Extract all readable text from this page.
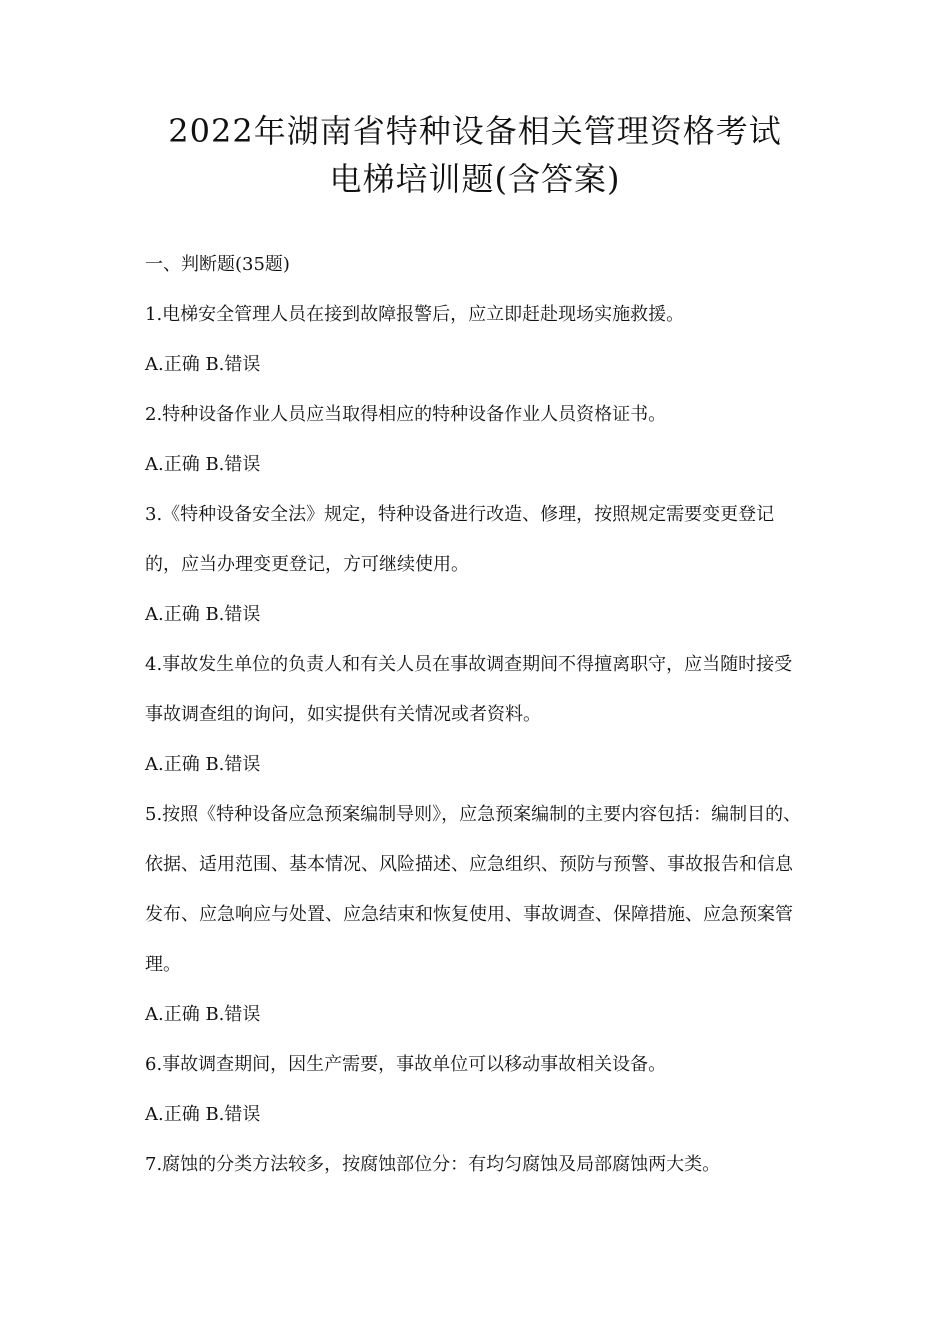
2022年湖南省特种设备相关管理资格考试
电梯培训题(含答案)

一、判断题(35题)

1.电梯安全管理人员在接到故障报警后，应立即赶赴现场实施救援。

A.正确 B.错误

2.特种设备作业人员应当取得相应的特种设备作业人员资格证书。

A.正确 B.错误

3.《特种设备安全法》规定，特种设备进行改造、修理，按照规定需要变更登记的，应当办理变更登记，方可继续使用。

A.正确 B.错误

4.事故发生单位的负责人和有关人员在事故调查期间不得擅离职守，应当随时接受事故调查组的询问，如实提供有关情况或者资料。

A.正确 B.错误

5.按照《特种设备应急预案编制导则》，应急预案编制的主要内容包括：编制目的、依据、适用范围、基本情况、风险描述、应急组织、预防与预警、事故报告和信息发布、应急响应与处置、应急结束和恢复使用、事故调查、保障措施、应急预案管理。

A.正确 B.错误

6.事故调查期间，因生产需要，事故单位可以移动事故相关设备。

A.正确 B.错误

7.腐蚀的分类方法较多，按腐蚀部位分：有均匀腐蚀及局部腐蚀两大类。
